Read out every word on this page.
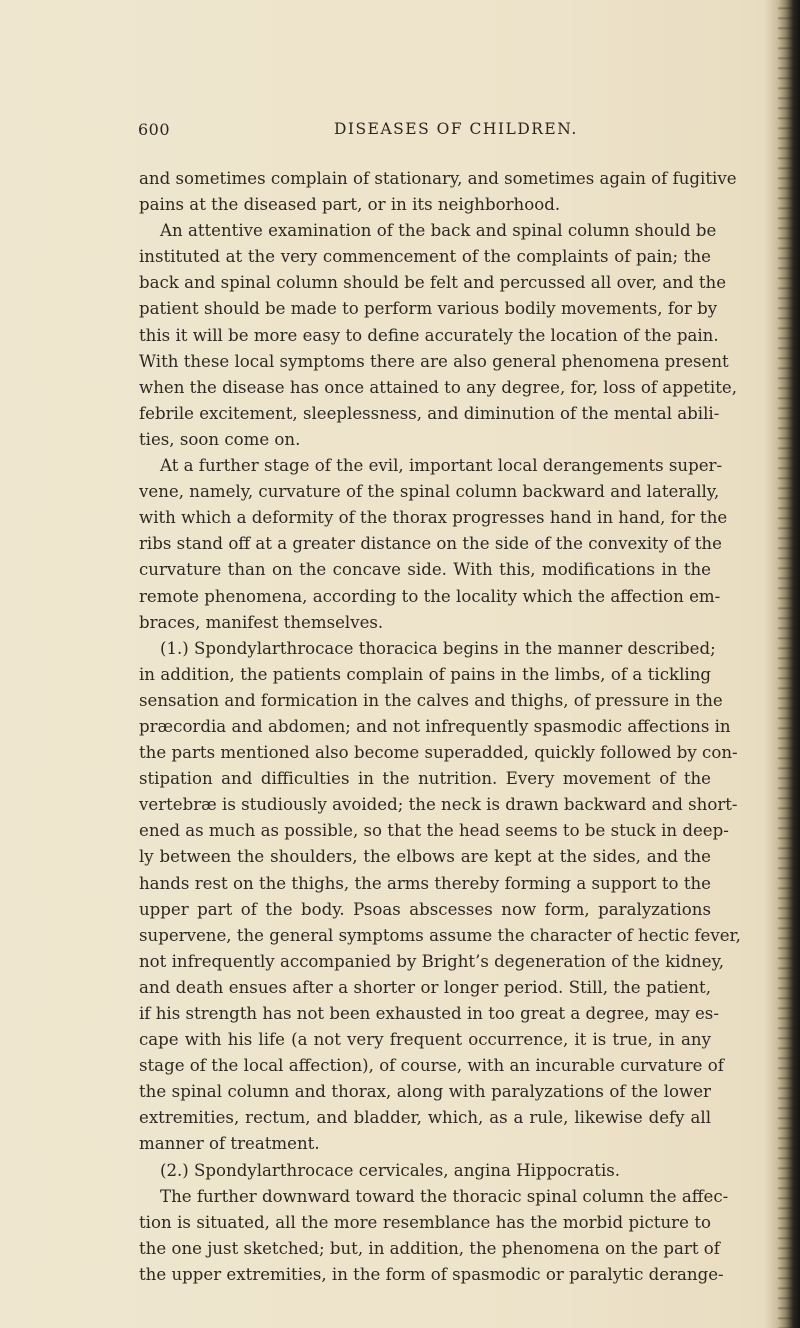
600	DISEASES OF CHILDREN.
and sometimes complain of stationary, and sometimes again of fugitive
pains at the diseased part, or in its neighborhood.
An attentive examination of the back and spinal column should be
instituted at the very commencement of the complaints of pain; the
back and spinal column should be felt and percussed all over, and the
patient should be made to perform various bodily movements, for by
this it will be more easy to define accurately the location of the pain.
With these local symptoms there are also general phenomena present
when the disease has once attained to any degree, for, loss of appetite,
febrile excitement, sleeplessness, and diminution of the mental abili-
ties, soon come on.
At a further stage of the evil, important local derangements super-
vene, namely, curvature of the spinal column backward and laterally,
with which a deformity of the thorax progresses hand in hand, for the
ribs stand off at a greater distance on the side of the convexity of the
curvature than on the concave side. With this, modifications in the
remote phenomena, according to the locality which the affection em-
braces, manifest themselves.
(1.) Spondylarthrocace thoracica begins in the manner described;
in addition, the patients complain of pains in the limbs, of a tickling
sensation and formication in the calves and thighs, of pressure in the
præcordia and abdomen; and not infrequently spasmodic affections in
the parts mentioned also become superadded, quickly followed by con-
stipation and difficulties in the nutrition. Every movement of the
vertebræ is studiously avoided; the neck is drawn backward and short-
ened as much as possible, so that the head seems to be stuck in deep-
ly between the shoulders, the elbows are kept at the sides, and the
hands rest on the thighs, the arms thereby forming a support to the
upper part of the body. Psoas abscesses now form, paralyzations
supervene, the general symptoms assume the character of hectic fever,
not infrequently accompanied by Bright’s degeneration of the kidney,
and death ensues after a shorter or longer period. Still, the patient,
if his strength has not been exhausted in too great a degree, may es-
cape with his life (a not very frequent occurrence, it is true, in any
stage of the local affection), of course, with an incurable curvature of
the spinal column and thorax, along with paralyzations of the lower
extremities, rectum, and bladder, which, as a rule, likewise defy all
manner of treatment.
(2.) Spondylarthrocace cervicales, angina Hippocratis.
The further downward toward the thoracic spinal column the affec-
tion is situated, all the more resemblance has the morbid picture to
the one just sketched; but, in addition, the phenomena on the part of
the upper extremities, in the form of spasmodic or paralytic derange-
